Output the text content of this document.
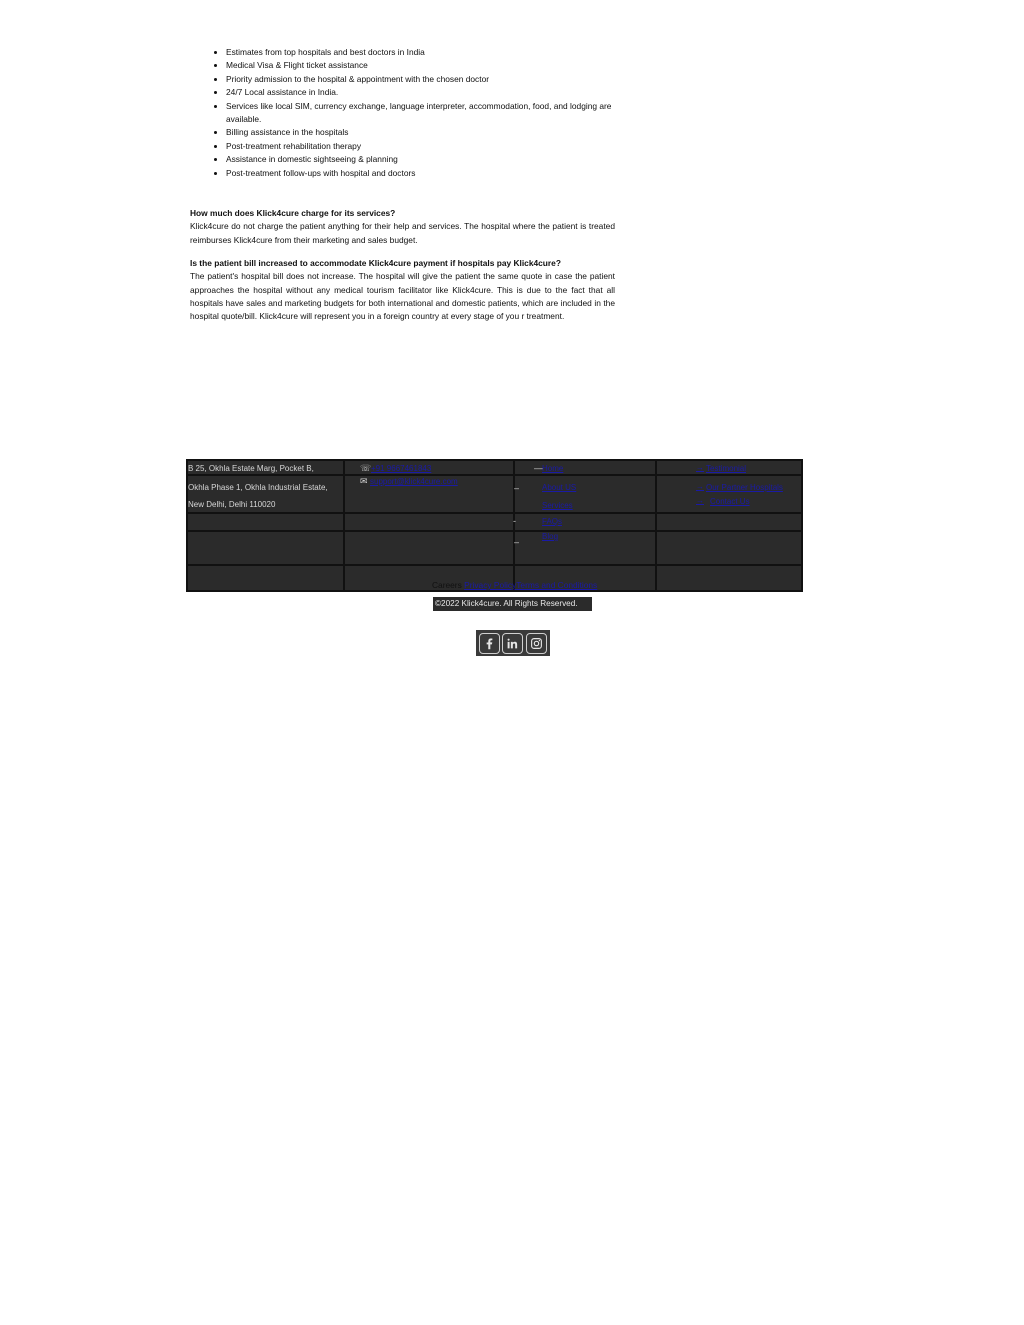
• Estimates from top hospitals and best doctors in India
• Medical Visa & Flight ticket assistance
• Priority admission to the hospital & appointment with the chosen doctor
• 24/7 Local assistance in India.
• Services like local SIM, currency exchange, language interpreter, accommodation, food, and lodging are available.
• Billing assistance in the hospitals
• Post-treatment rehabilitation therapy
• Assistance in domestic sightseeing & planning
• Post-treatment follow-ups with hospital and doctors
How much does Klick4cure charge for its services?
Klick4cure do not charge the patient anything for their help and services. The hospital where the patient is treated reimburses Klick4cure from their marketing and sales budget.
Is the patient bill increased to accommodate Klick4cure payment if hospitals pay Klick4cure?
The patient's hospital bill does not increase. The hospital will give the patient the same quote in case the patient approaches the hospital without any medical tourism facilitator like Klick4cure. This is due to the fact that all hospitals have sales and marketing budgets for both international and domestic patients, which are included in the hospital quote/bill. Klick4cure will represent you in a foreign country at every stage of you r treatment.
B 25, Okhla Estate Marg, Pocket B,
Okhla Phase 1, Okhla Industrial Estate,
New Delhi, Delhi 110020
☏ +91 9667461843
✉ support@klick4cure.com
— Home
–	About US
Services
-	FAQs
–
Blog
→ Testimonial
→ Our Partner Hospitals
→ Contact Us
Careers Privacy PolicyTerms and Conditions
©2022 Klick4cure. All Rights Reserved.
